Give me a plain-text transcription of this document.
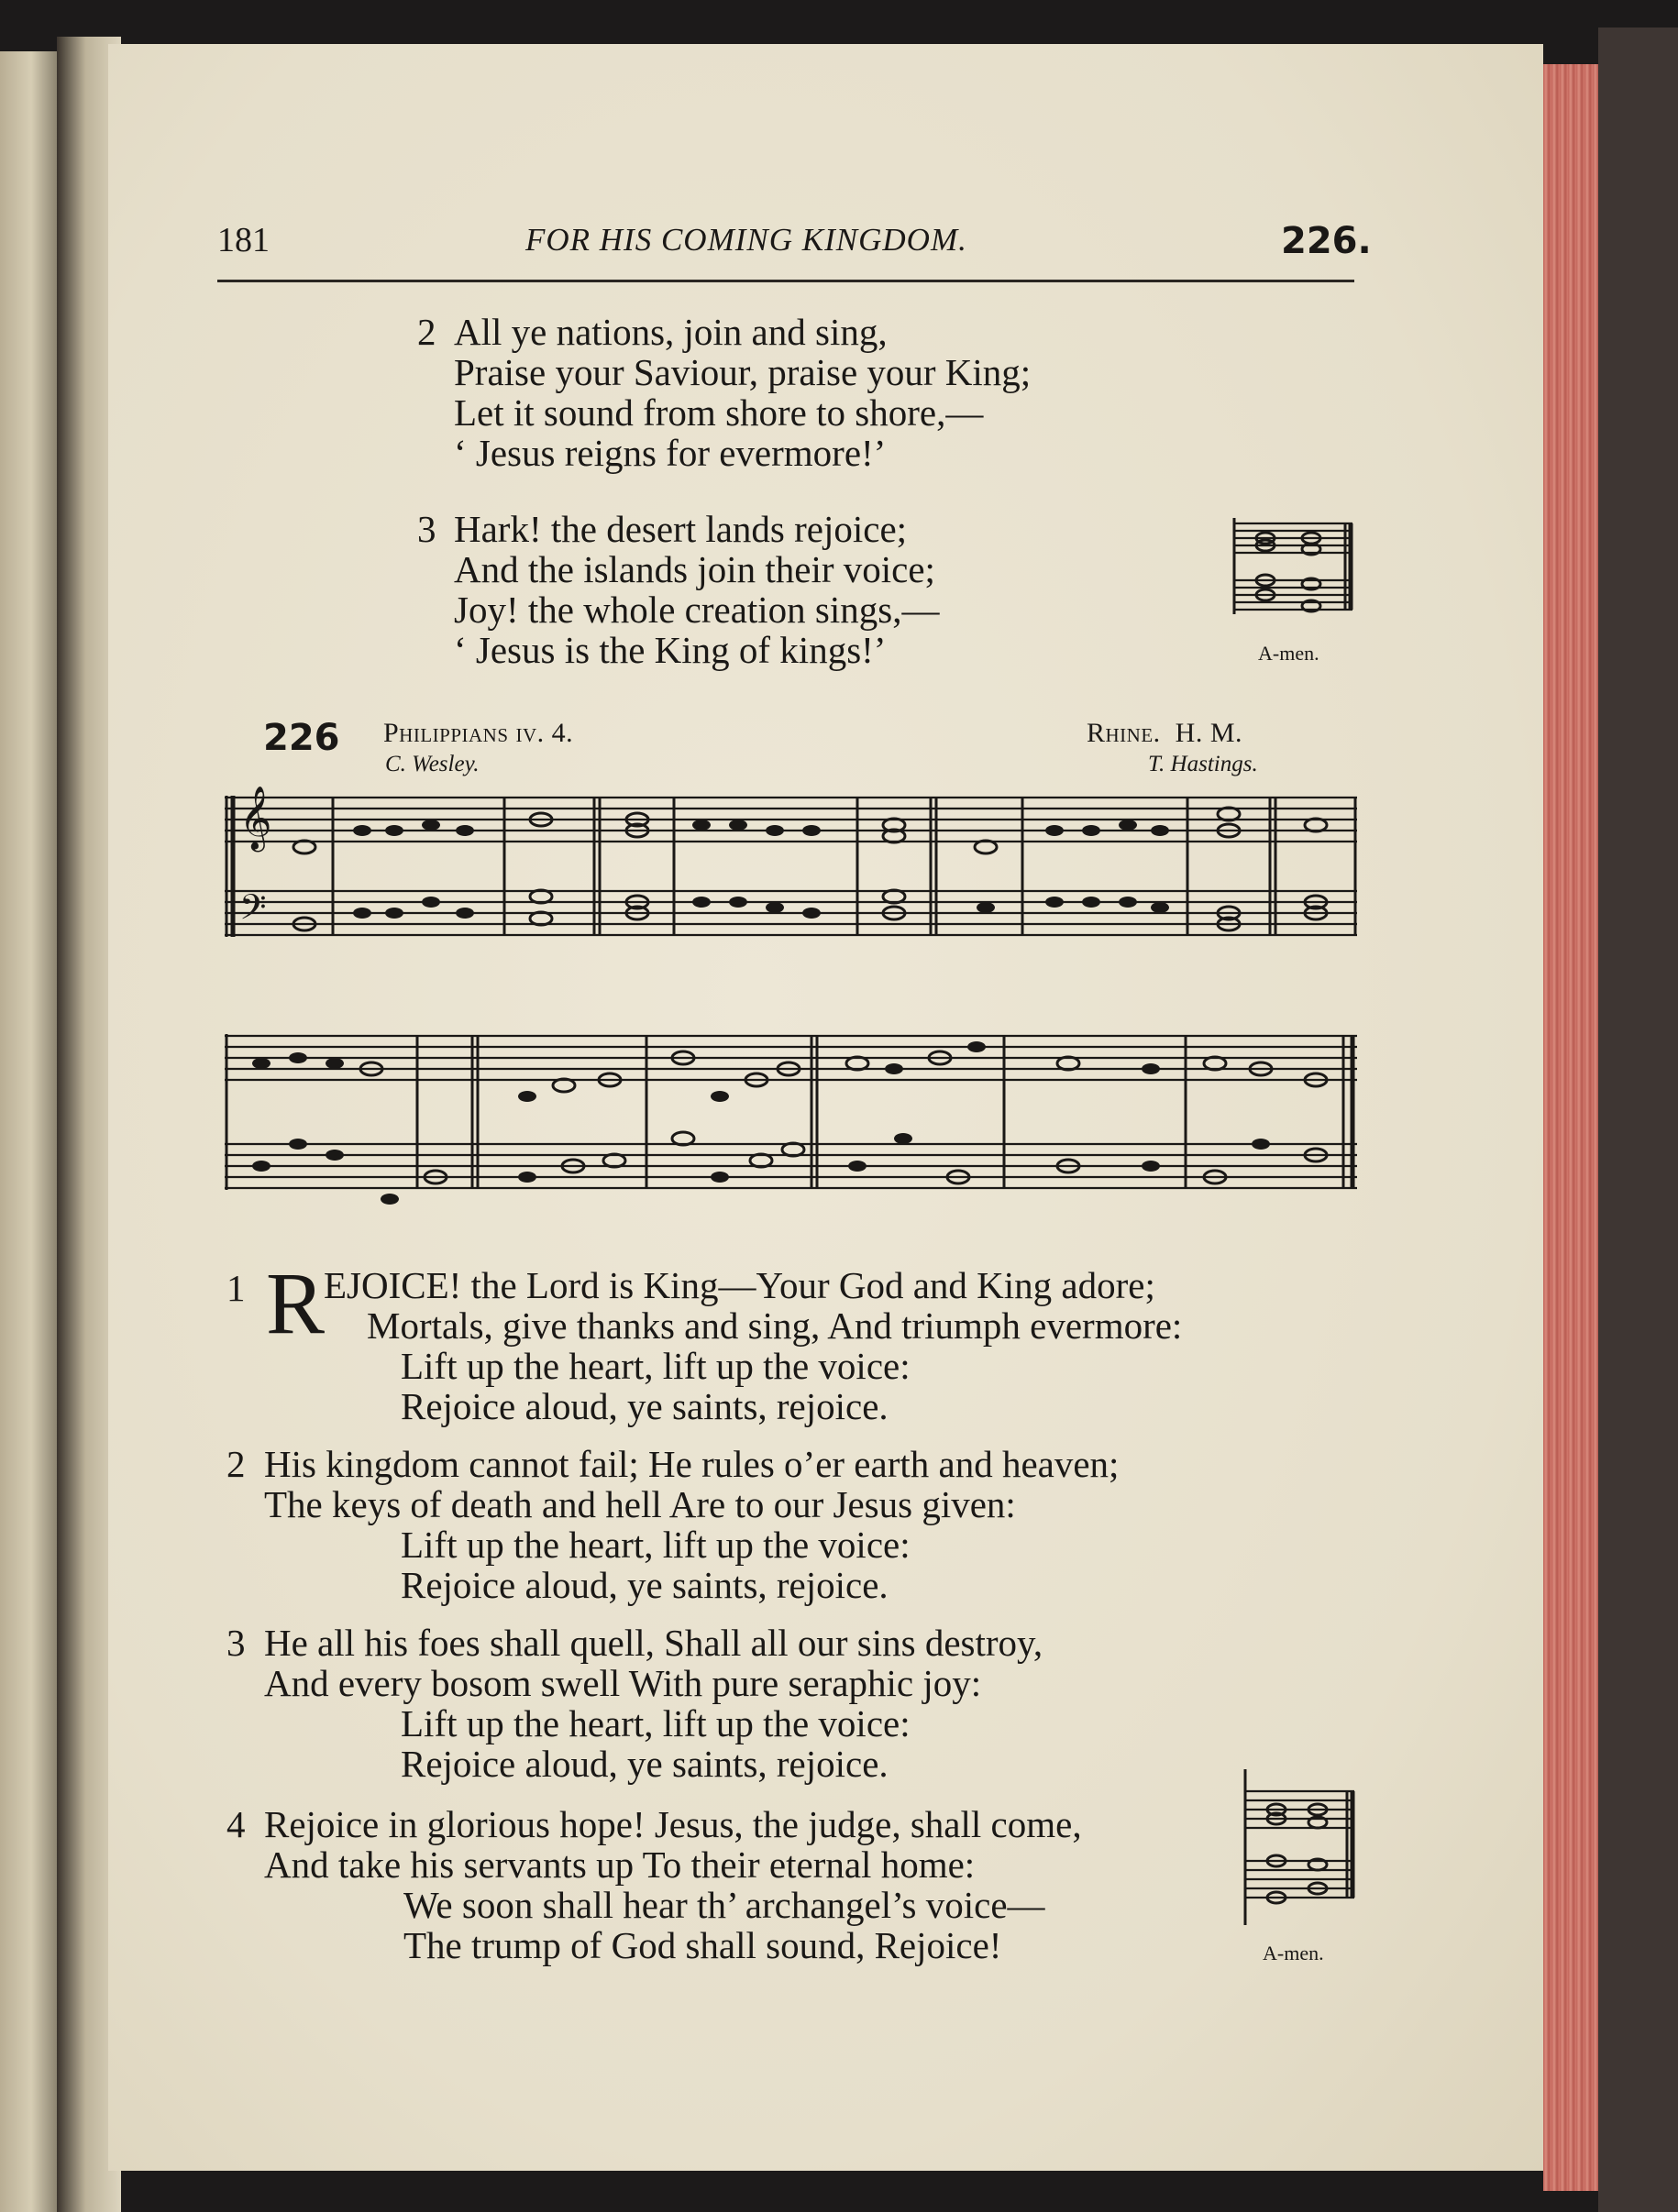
181	FOR HIS COMING KINGDOM.	226.
2 All ye nations, join and sing,
Praise your Saviour, praise your King;
Let it sound from shore to shore,—
‘ Jesus reigns for evermore!’
3 Hark! the desert lands rejoice;
And the islands join their voice;
Joy! the whole creation sings,—
‘ Jesus is the King of kings!’	A-men.
226 Philippians iv. 4.	Rhine.  H. M.
C. Wesley.	T. Hastings.
𝄞
𝄢
1 R
EJOICE! the Lord is King—Your God and King adore;
Mortals, give thanks and sing, And triumph evermore:
Lift up the heart, lift up the voice:
Rejoice aloud, ye saints, rejoice.
2 His kingdom cannot fail; He rules o’er earth and heaven;
The keys of death and hell Are to our Jesus given:
Lift up the heart, lift up the voice:
Rejoice aloud, ye saints, rejoice.
3 He all his foes shall quell, Shall all our sins destroy,
And every bosom swell With pure seraphic joy:
Lift up the heart, lift up the voice:
Rejoice aloud, ye saints, rejoice.
4 Rejoice in glorious hope! Jesus, the judge, shall come,
And take his servants up To their eternal home:
We soon shall hear th’ archangel’s voice—
The trump of God shall sound, Rejoice!	A-men.
